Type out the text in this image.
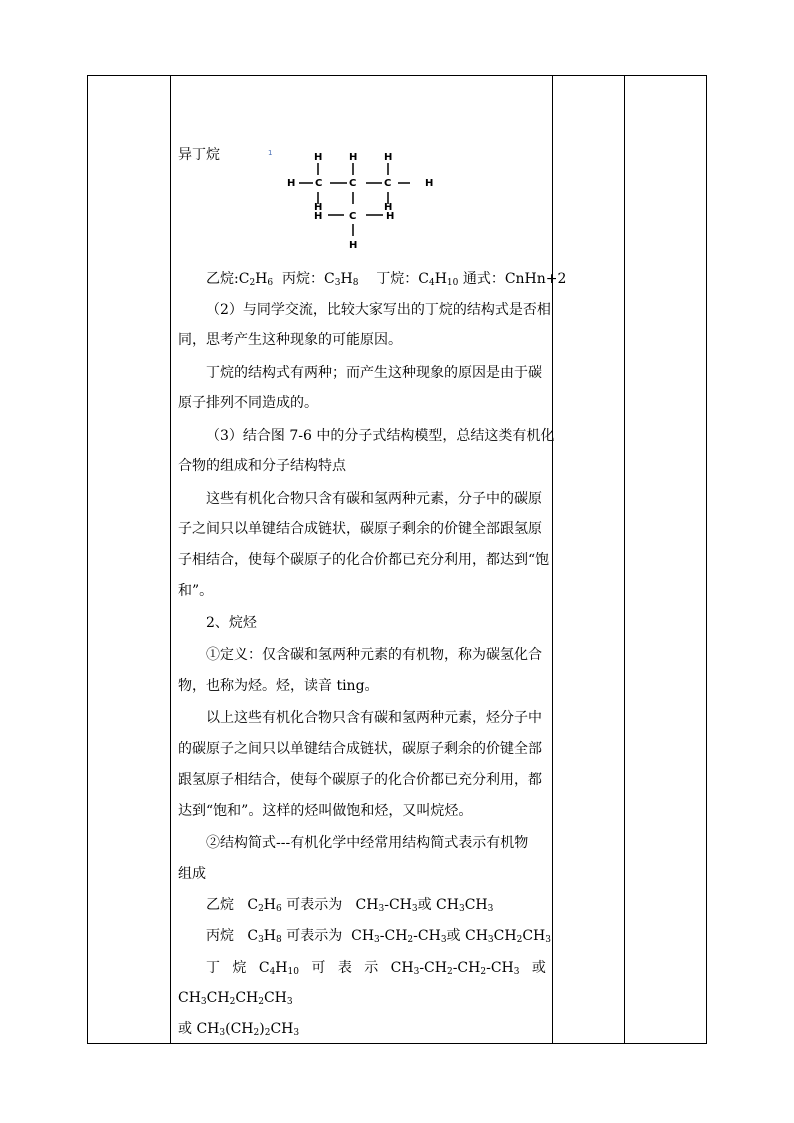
1	H	H	H
H C	C	C	H
H
H	C
H
H
H
异丁烷
乙烷$:C_2H_6$ 丙烷：$C_3H_8$ 丁烷：$C_4H_{10}$ 通式：CnHn+2
（2）与同学交流，比较大家写出的丁烷的结构式是否相
同，思考产生这种现象的可能原因。
丁烷的结构式有两种；而产生这种现象的原因是由于碳
原子排列不同造成的。
（3）结合图 7-6 中的分子式结构模型，总结这类有机化
合物的组成和分子结构特点
这些有机化合物只含有碳和氢两种元素，分子中的碳原
子之间只以单键结合成链状，碳原子剩余的价键全部跟氢原
子相结合，使每个碳原子的化合价都已充分利用，都达到“饱
和”。
2、烷烃
①定义：仅含碳和氢两种元素的有机物，称为碳氢化合
物，也称为烃。烃，读音 ting。
以上这些有机化合物只含有碳和氢两种元素，烃分子中
的碳原子之间只以单键结合成链状，碳原子剩余的价键全部
跟氢原子相结合，使每个碳原子的化合价都已充分利用，都
达到“饱和”。这样的烃叫做饱和烃，又叫烷烃。
②结构简式---有机化学中经常用结构简式表示有机物
组成
乙烷   $C_2H_6$ 可表示为   $CH_3-CH_3$或 $CH_3CH_3$
丙烷   $C_3H_8$ 可表示为  $CH_3-CH_2-CH_3$或 $CH_3CH_2CH_3$
丁 烷 $C_4H_{10}$ 可 表 示 $CH_3-CH_2-CH_2-CH_3$ 或
$CH_3CH_2CH_2CH_3$
或 $CH_3(CH_2)_2CH_3$
